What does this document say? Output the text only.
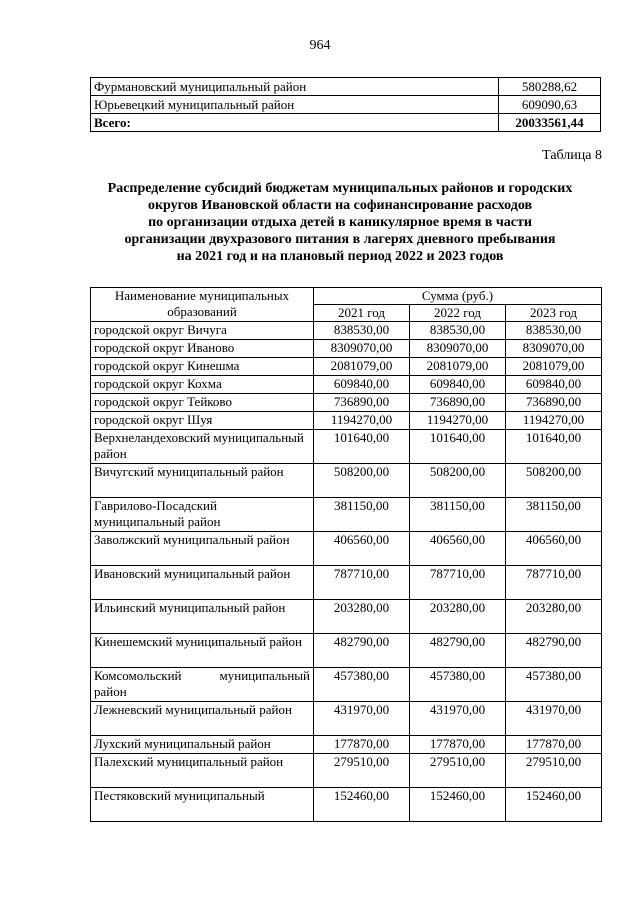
964
Фурмановский муниципальный район	580288,62
Юрьевецкий муниципальный район	609090,63
Всего:	20033561,44
Таблица 8
Распределение субсидий бюджетам муниципальных районов и городских
округов Ивановской области на софинансирование расходов
по организации отдыха детей в каникулярное время в части
организации двухразового питания в лагерях дневного пребывания
на 2021 год и на плановый период 2022 и 2023 годов
Наименование муниципальных образований	Сумма (руб.)		
	2021 год	2022 год	2023 год
городской округ Вичуга	838530,00	838530,00	838530,00
городской округ Иваново	8309070,00	8309070,00	8309070,00
городской округ Кинешма	2081079,00	2081079,00	2081079,00
городской округ Кохма	609840,00	609840,00	609840,00
городской округ Тейково	736890,00	736890,00	736890,00
городской округ Шуя	1194270,00	1194270,00	1194270,00
Верхнеландеховский муниципальный район	101640,00	101640,00	101640,00
Вичугский муниципальный район	508200,00	508200,00	508200,00
Гаврилово-Посадский муниципальный район	381150,00	381150,00	381150,00
Заволжский муниципальный район	406560,00	406560,00	406560,00
Ивановский муниципальный район	787710,00	787710,00	787710,00
Ильинский муниципальный район	203280,00	203280,00	203280,00
Кинешемский муниципальный район	482790,00	482790,00	482790,00
Комсомольский муниципальный район	457380,00	457380,00	457380,00
Лежневский муниципальный район	431970,00	431970,00	431970,00
Лухский муниципальный район	177870,00	177870,00	177870,00
Палехский муниципальный район	279510,00	279510,00	279510,00
Пестяковский муниципальный	152460,00	152460,00	152460,00
